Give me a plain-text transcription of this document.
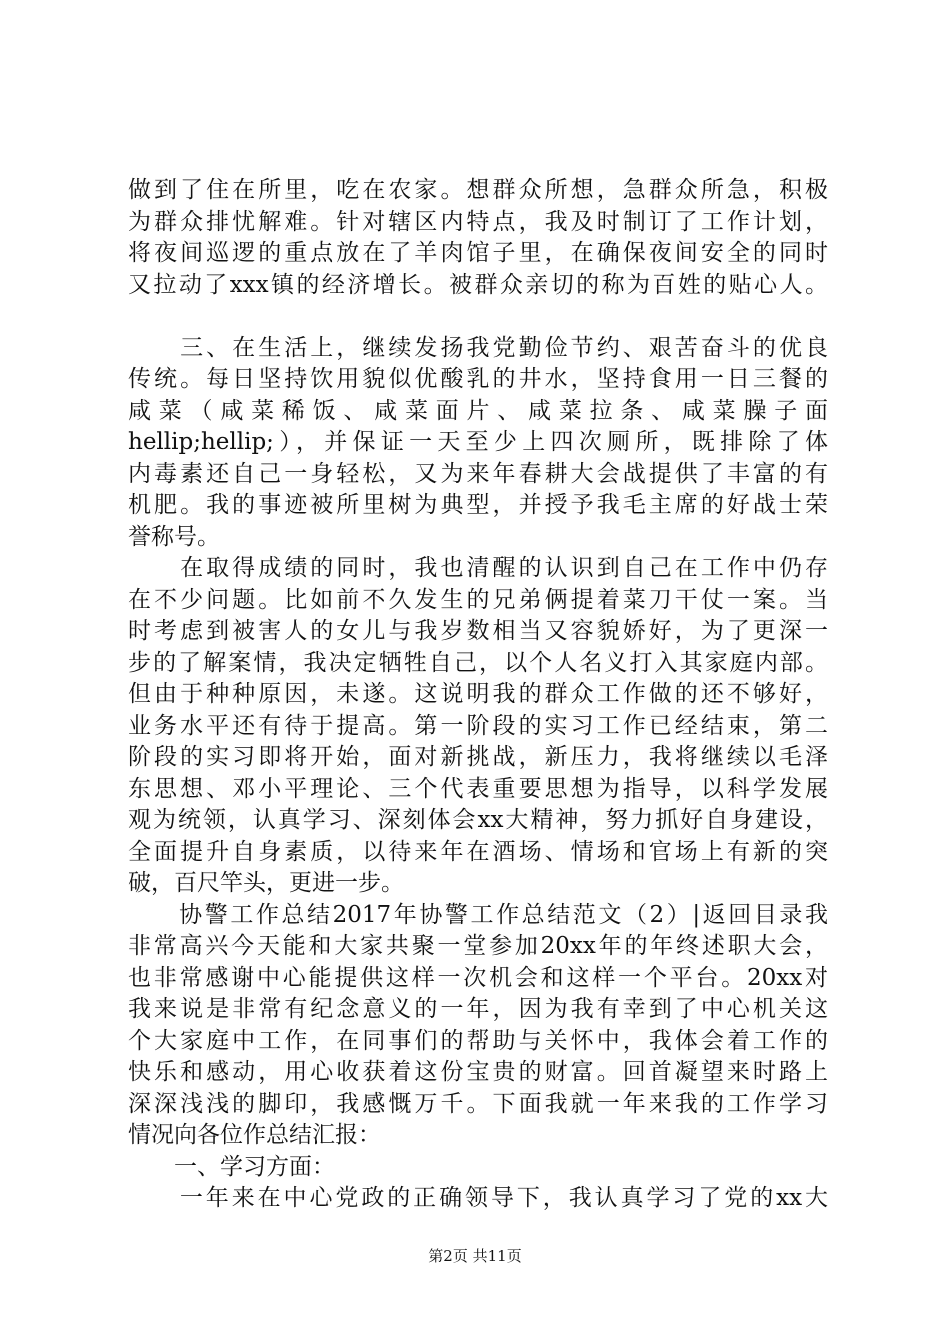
做到了住在所里，吃在农家。想群众所想，急群众所急，积极
为群众排忧解难。针对辖区内特点，我及时制订了工作计划，
将夜间巡逻的重点放在了羊肉馆子里，在确保夜间安全的同时
又拉动了xxx镇的经济增长。被群众亲切的称为百姓的贴心人。
　　三、在生活上，继续发扬我党勤俭节约、艰苦奋斗的优良
传统。每日坚持饮用貌似优酸乳的井水，坚持食用一日三餐的
咸菜（咸菜稀饭、咸菜面片、咸菜拉条、咸菜臊子面
hellip;hellip;），并保证一天至少上四次厕所，既排除了体
内毒素还自己一身轻松，又为来年春耕大会战提供了丰富的有
机肥。我的事迹被所里树为典型，并授予我毛主席的好战士荣
誉称号。
　　在取得成绩的同时，我也清醒的认识到自己在工作中仍存
在不少问题。比如前不久发生的兄弟俩提着菜刀干仗一案。当
时考虑到被害人的女儿与我岁数相当又容貌娇好，为了更深一
步的了解案情，我决定牺牲自己，以个人名义打入其家庭内部。
但由于种种原因，未遂。这说明我的群众工作做的还不够好，
业务水平还有待于提高。第一阶段的实习工作已经结束，第二
阶段的实习即将开始，面对新挑战，新压力，我将继续以毛泽
东思想、邓小平理论、三个代表重要思想为指导，以科学发展
观为统领，认真学习、深刻体会xx大精神，努力抓好自身建设，
全面提升自身素质，以待来年在酒场、情场和官场上有新的突
破，百尺竿头，更进一步。
　　协警工作总结2017年协警工作总结范文（2）|返回目录我
非常高兴今天能和大家共聚一堂参加20xx年的年终述职大会，
也非常感谢中心能提供这样一次机会和这样一个平台。20xx对
我来说是非常有纪念意义的一年，因为我有幸到了中心机关这
个大家庭中工作，在同事们的帮助与关怀中，我体会着工作的
快乐和感动，用心收获着这份宝贵的财富。回首凝望来时路上
深深浅浅的脚印，我感慨万千。下面我就一年来我的工作学习
情况向各位作总结汇报：
　　一、学习方面：
　　一年来在中心党政的正确领导下，我认真学习了党的xx大
第2页 共11页
